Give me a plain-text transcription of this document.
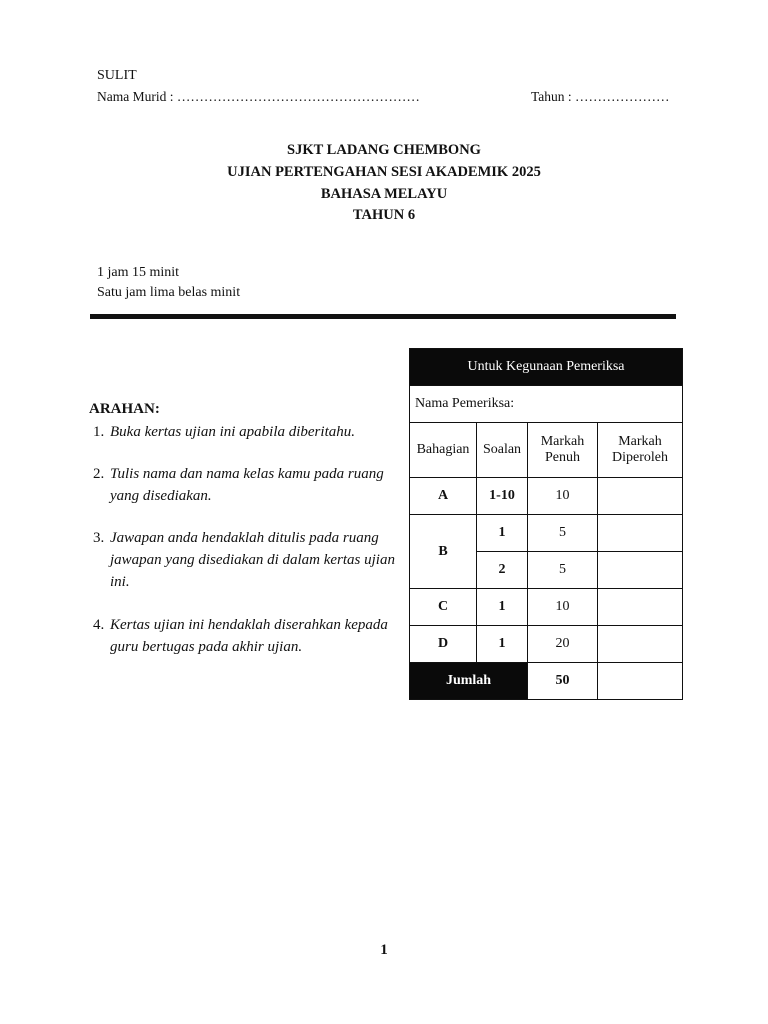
SULIT
Nama Murid : ………………………………………………	Tahun : …………………
SJKT LADANG CHEMBONG
UJIAN PERTENGAHAN SESI AKADEMIK 2025
BAHASA MELAYU
TAHUN 6
1 jam 15 minit
Satu jam lima belas minit
ARAHAN:
1. Buka kertas ujian ini apabila diberitahu.
2. Tulis nama dan nama kelas kamu pada ruang yang disediakan.
3. Jawapan anda hendaklah ditulis pada ruang jawapan yang disediakan di dalam kertas ujian ini.
4. Kertas ujian ini hendaklah diserahkan kepada guru bertugas pada akhir ujian.
Untuk Kegunaan Pemeriksa			
Nama Pemeriksa:			
Bahagian	Soalan	Markah Penuh	Markah Diperoleh
A	1-10	10	
B	1	5	
	2	5	
C	1	10	
D	1	20	
Jumlah		50	
1
